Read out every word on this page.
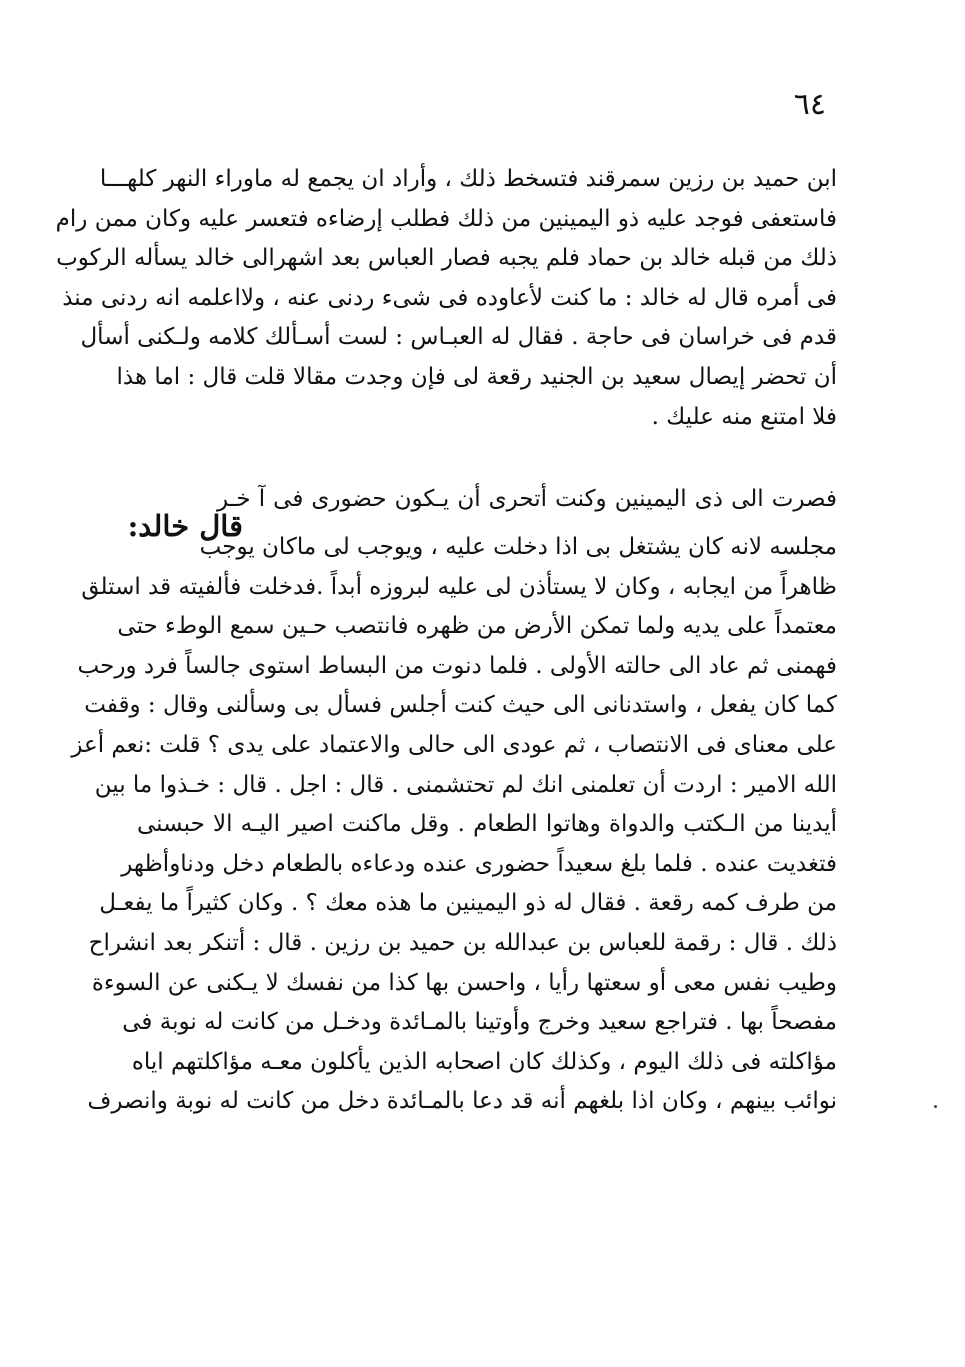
٦٤
ابن حميد بن رزين سمرقند فتسخط ذلك ، وأراد ان يجمع له ماوراء النهر كلهـــا
فاستعفى فوجد عليه ذو اليمينين من ذلك فطلب إرضاءه فتعسر عليه وكان ممن رام
ذلك من قبله خالد بن حماد فلم يجبه فصار العباس بعد اشهرالى خالد يسأله الركوب
فى أمره قال له خالد : ما كنت لأعاوده فى شىء ردنى عنه ، ولااعلمه انه ردنى منذ
قدم فى خراسان فى حاجة . فقال له العبـاس : لست أسـألك كلامه ولـكنى أسأل
أن تحضر إيصال سعيد بن الجنيد رقعة لى فإن وجدت مقالا قلت قال : اما هذا
فلا امتنع منه عليك .
فصرت الى ذى اليمينين وكنت أتحرى أن يـكون حضورى فى آ خـر
قال خالد:
مجلسه لانه كان يشتغل بى اذا دخلت عليه ، ويوجب لى ماكان يوجب
ظاهراً من ايجابه ، وكان لا يستأذن لى عليه لبروزه أبداً .فدخلت فألفيته قد استلق
معتمداً على يديه ولما تمكن الأرض من ظهره فانتصب حـين سمع الوطء حتى
فهمنى ثم عاد الى حالته الأولى . فلما دنوت من البساط استوى جالساً فرد ورحب
كما كان يفعل ، واستدنانى الى حيث كنت أجلس فسأل بى وسألنى وقال : وقفت
على معناى فى الانتصاب ، ثم عودى الى حالى والاعتماد على يدى ؟ قلت :نعم أعز
الله الامير : اردت أن تعلمنى انك لم تحتشمنى . قال : اجل . قال : خـذوا ما بين
أيدينا من الـكتب والدواة وهاتوا الطعام . وقل ماكنت اصير اليـه الا حبسنى
فتغديت عنده . فلما بلغ سعيداً حضورى عنده ودعاءه بالطعام دخل ودناوأظهر
من طرف كمه رقعة . فقال له ذو اليمينين ما هذه معك ؟ . وكان كثيراً ما يفعـل
ذلك . قال : رقمة للعباس بن عبدالله بن حميد بن رزين . قال : أتنكر بعد انشراح
وطيب نفس معى أو سعتها رأيا ، واحسن بها كذا من نفسك لا يـكنى عن السوءة
مفصحاً بها . فتراجع سعيد وخرج وأوتينا بالمـائدة ودخـل من كانت له نوبة فى
مؤاكلته فى ذلك اليوم ، وكذلك كان اصحابه الذين يأكلون معـه مؤاكلتهم اياه
نوائب بينهم ، وكان اذا بلغهم أنه قد دعا بالمـائدة دخل من كانت له نوبة وانصرف
